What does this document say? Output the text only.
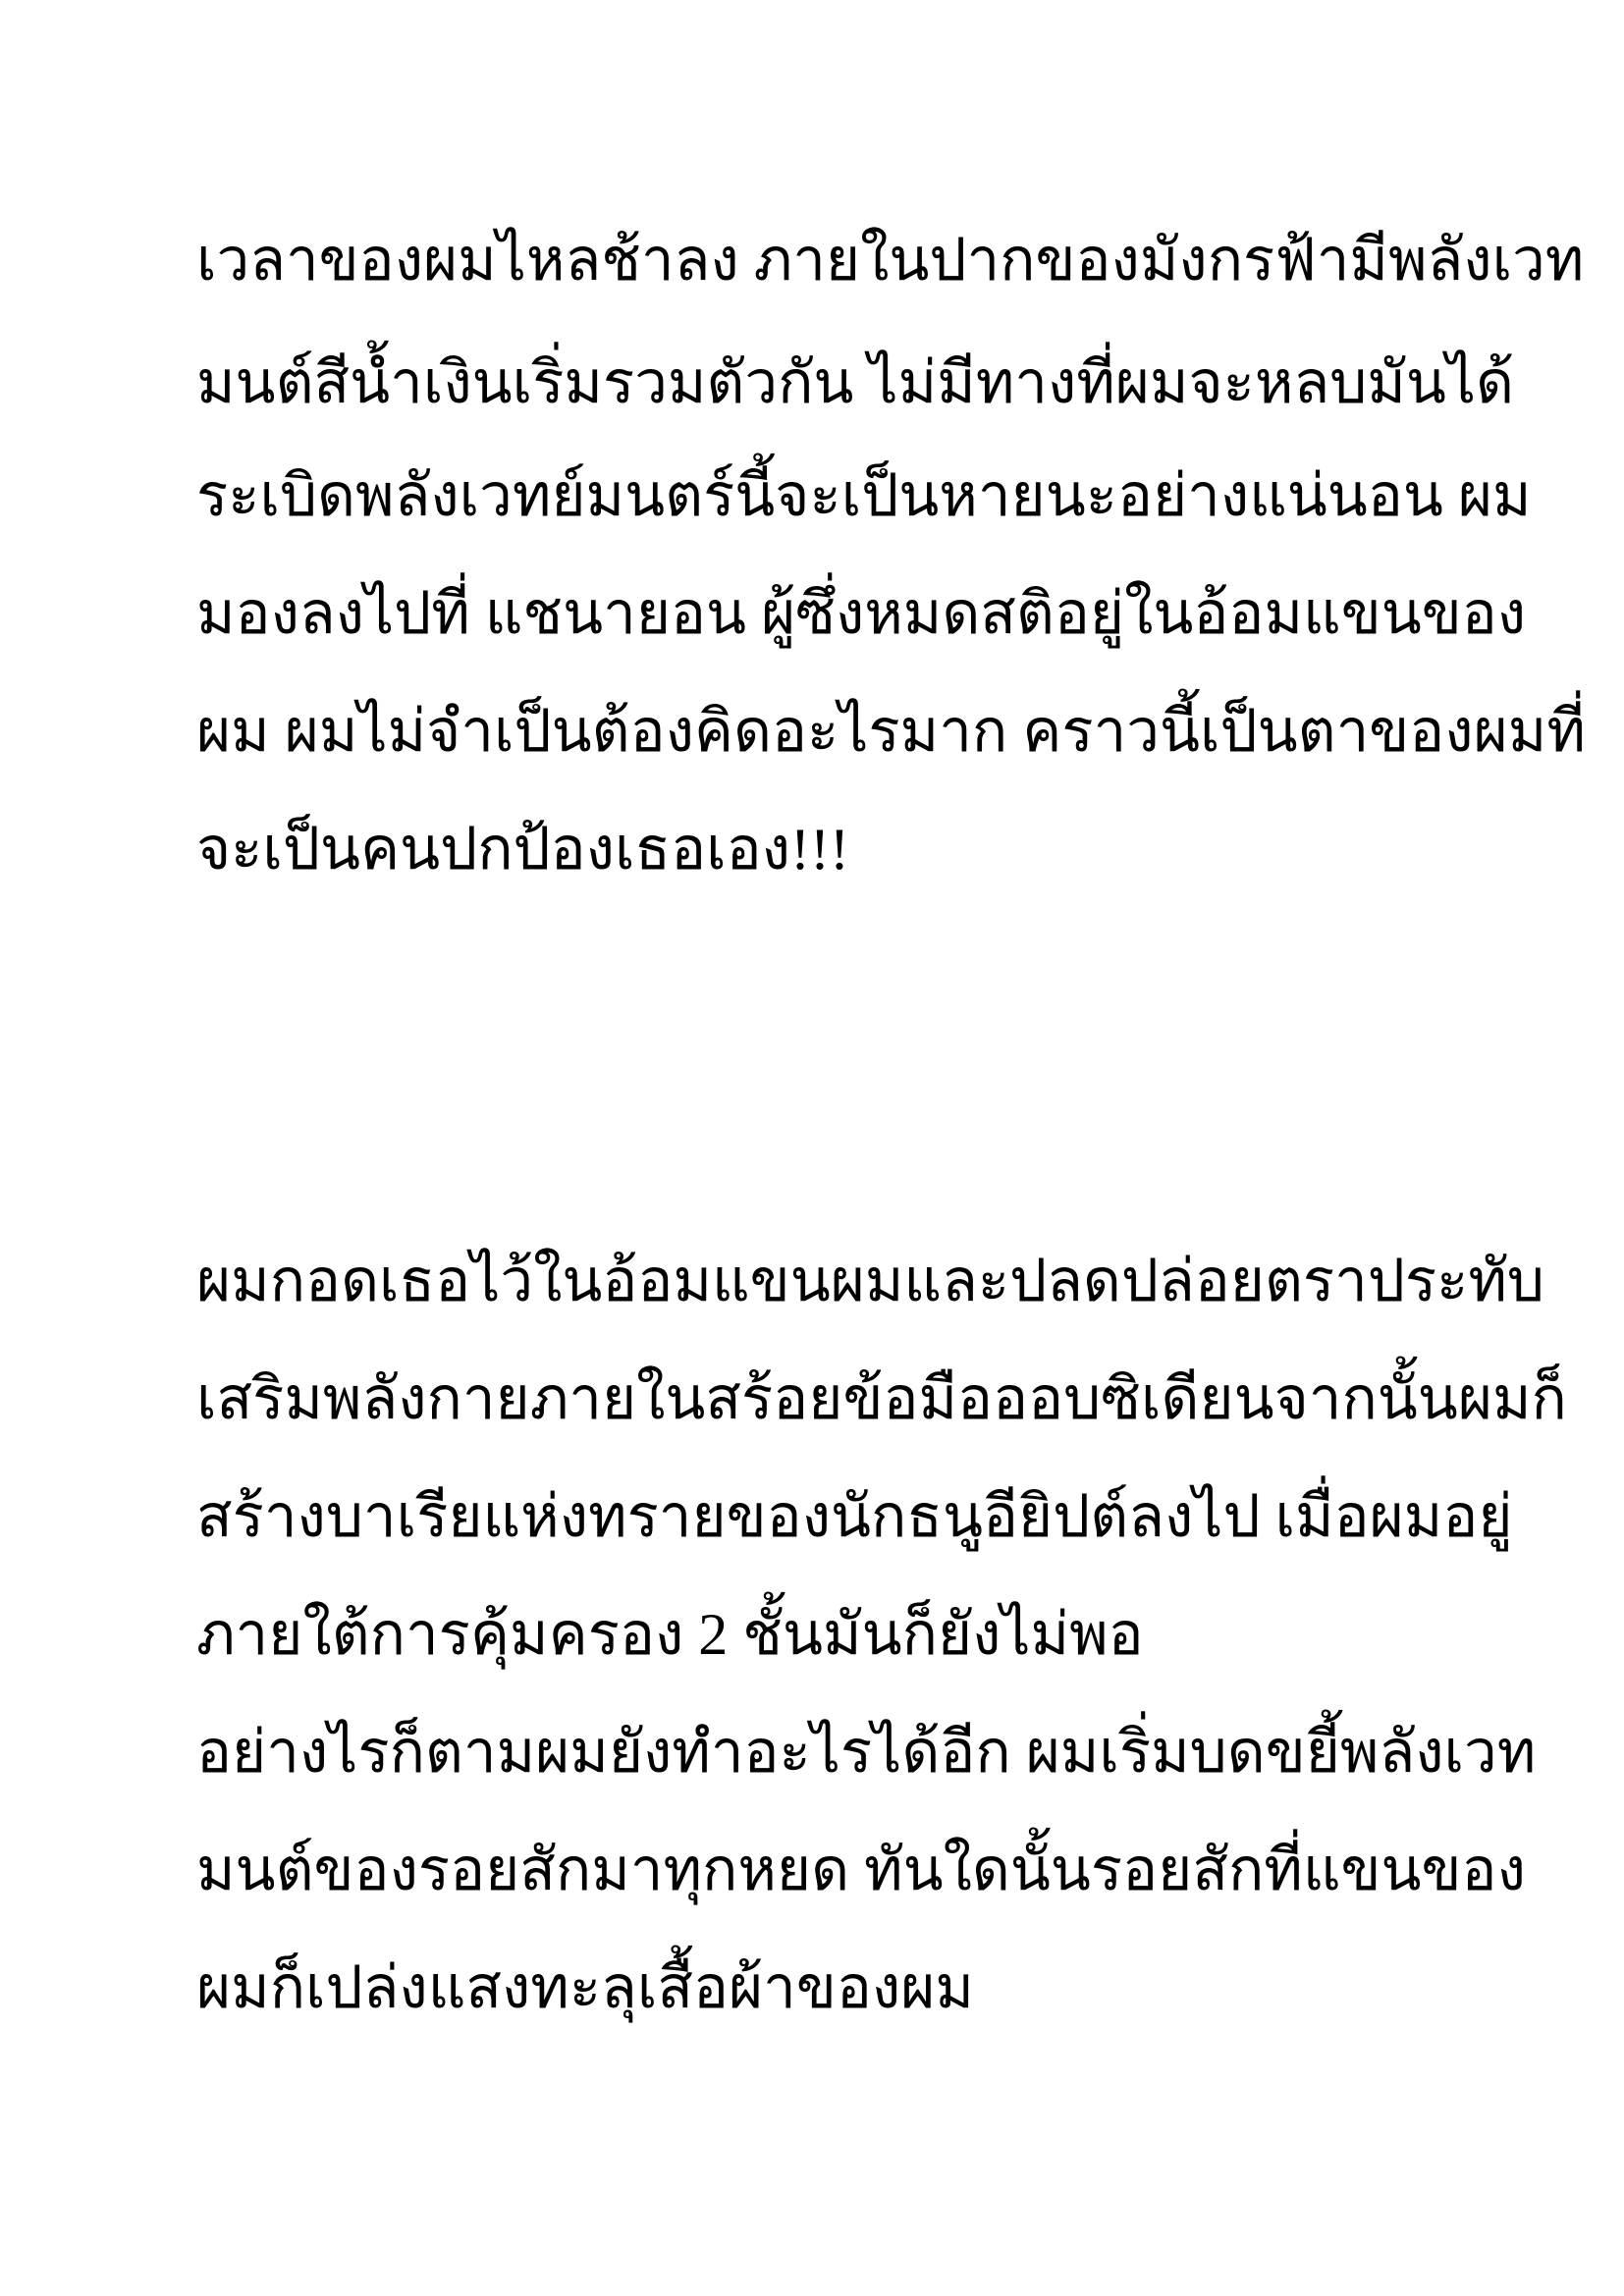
เวลาของผมไหลช้าลง ภายในปากของมังกรฟ้ามีพลังเวท

มนต์สีน้ำเงินเริ่มรวมตัวกัน ไม่มีทางที่ผมจะหลบมันได้

ระเบิดพลังเวทย์มนตร์นี้จะเป็นหายนะอย่างแน่นอน ผม

มองลงไปที่ แชนายอน ผู้ซึ่งหมดสติอยู่ในอ้อมแขนของ

ผม ผมไม่จำเป็นต้องคิดอะไรมาก คราวนี้เป็นตาของผมที่

จะเป็นคนปกป้องเธอเอง!!!

ผมกอดเธอไว้ในอ้อมแขนผมและปลดปล่อยตราประทับ

เสริมพลังกายภายในสร้อยข้อมือออบซิเดียนจากนั้นผมก็

สร้างบาเรียแห่งทรายของนักธนูอียิปต์ลงไป เมื่อผมอยู่

ภายใต้การคุ้มครอง 2 ชั้นมันก็ยังไม่พอ

อย่างไรก็ตามผมยังทำอะไรได้อีก ผมเริ่มบดขยี้พลังเวท

มนต์ของรอยสักมาทุกหยด ทันใดนั้นรอยสักที่แขนของ

ผมก็เปล่งแสงทะลุเสื้อผ้าของผม
